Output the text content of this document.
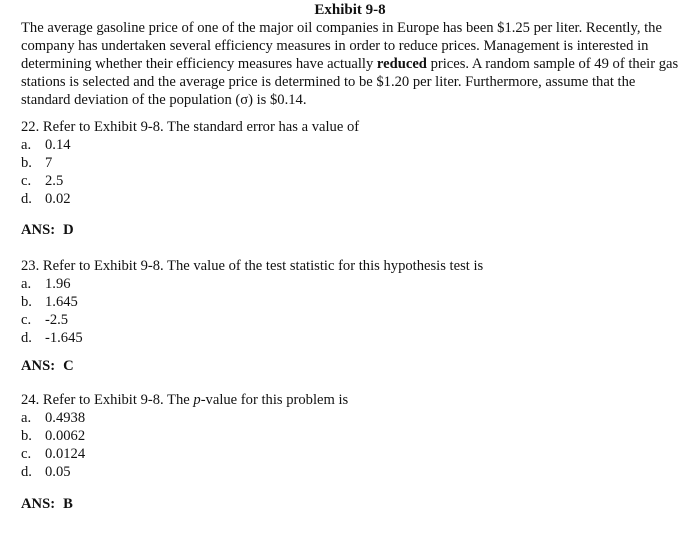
Exhibit 9-8
The average gasoline price of one of the major oil companies in Europe has been $1.25 per liter. Recently, the
company has undertaken several efficiency measures in order to reduce prices. Management is interested in
determining whether their efficiency measures have actually reduced prices. A random sample of 49 of their gas
stations is selected and the average price is determined to be $1.20 per liter. Furthermore, assume that the
standard deviation of the population (σ) is $0.14.
22. Refer to Exhibit 9-8. The standard error has a value of
a. 0.14
b. 7
c. 2.5
d. 0.02
ANS: D
23. Refer to Exhibit 9-8. The value of the test statistic for this hypothesis test is
a. 1.96
b. 1.645
c. -2.5
d. -1.645
ANS: C
24. Refer to Exhibit 9-8. The p-value for this problem is
a. 0.4938
b. 0.0062
c. 0.0124
d. 0.05
ANS: B
